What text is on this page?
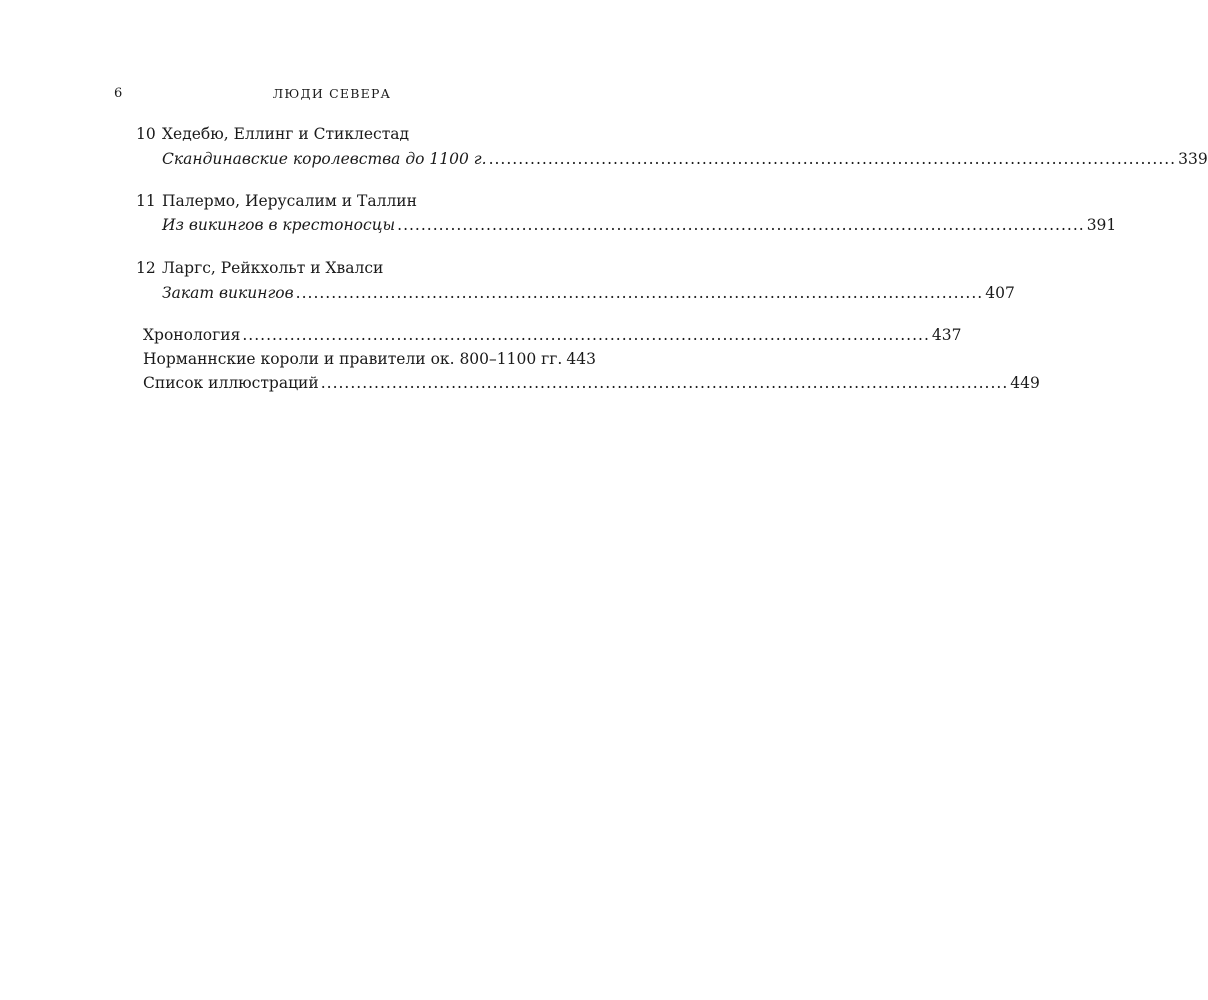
6	ЛЮДИ СЕВЕРА
10 Хедебю, Еллинг и Стиклестад
Скандинавские королевства до 1100 г. .................................................................................................................... 339
11 Палермо, Иерусалим и Таллин
Из викингов в крестоносцы .................................................................................................................... 391
12 Ларгс, Рейкхольт и Хвалси
Закат викингов .................................................................................................................... 407
Хронология .................................................................................................................... 437
Норманнские короли и правители ок. 800–1100 гг. 443
Список иллюстраций .................................................................................................................... 449
